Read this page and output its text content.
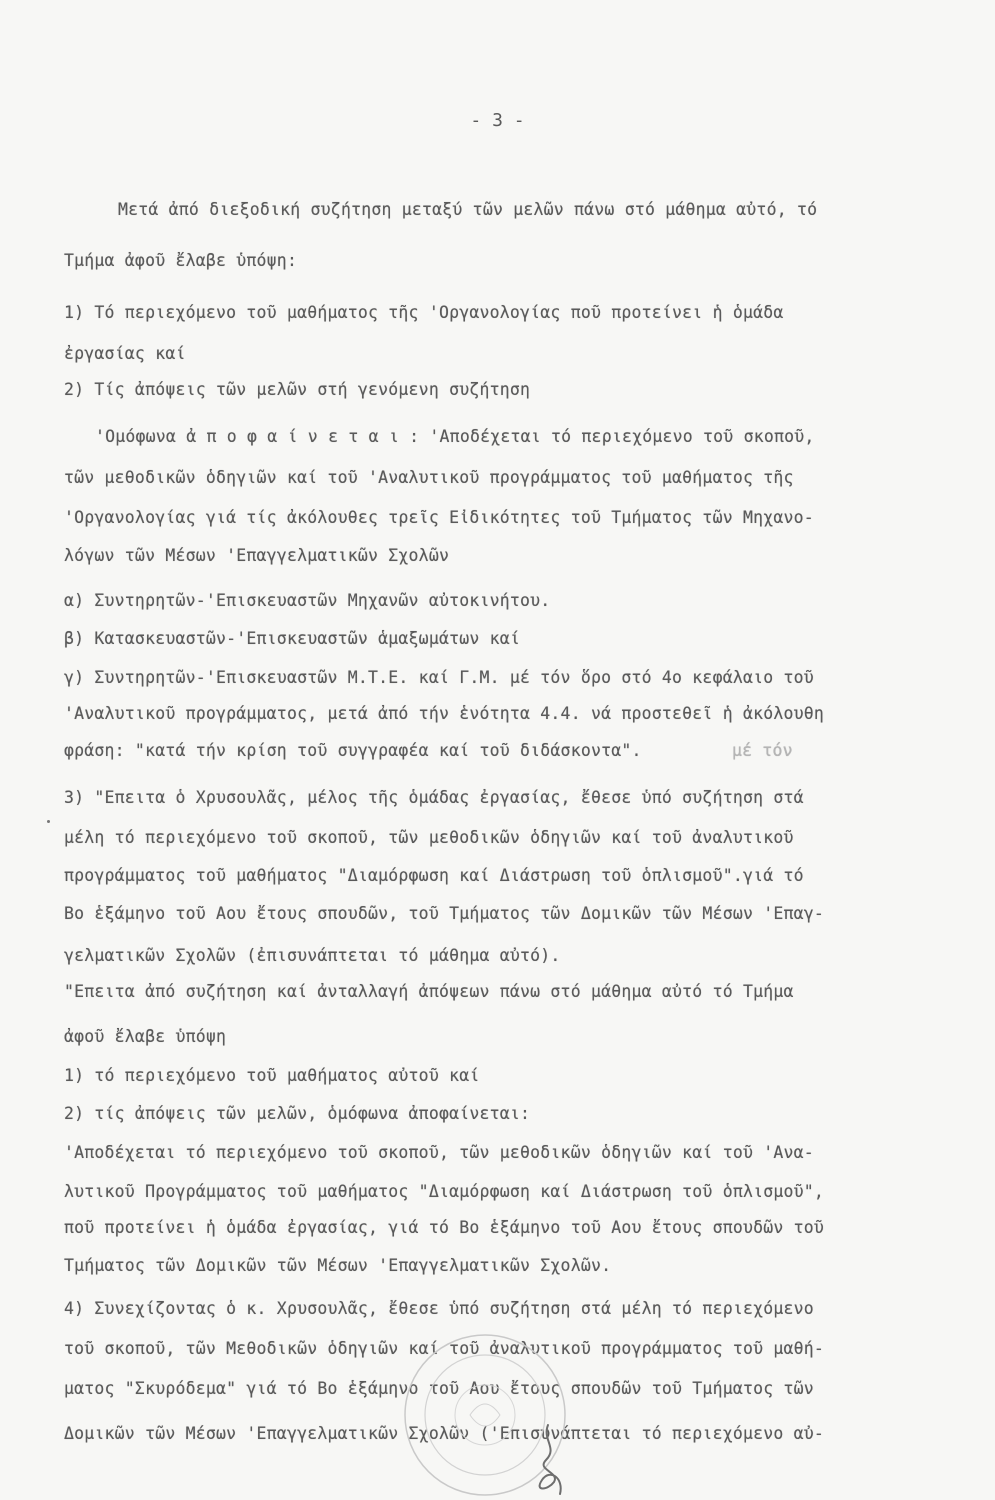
- 3 -
Μετά ἀπό διεξοδική συζήτηση μεταξύ τῶν μελῶν πάνω στό μάθημα αὐτό, τό
Τμήμα ἀφοῦ ἔλαβε ὑπόψη:
1) Τό περιεχόμενο τοῦ μαθήματος τῆς 'Οργανολογίας ποῦ προτείνει ἡ ὁμάδα
ἐργασίας καί
2) Τίς ἀπόψεις τῶν μελῶν στή γενόμενη συζήτηση
'Ομόφωνα ἀ π ο φ α ί ν ε τ α ι : 'Αποδέχεται τό περιεχόμενο τοῦ σκοποῦ,
τῶν μεθοδικῶν ὁδηγιῶν καί τοῦ 'Αναλυτικοῦ προγράμματος τοῦ μαθήματος τῆς
'Οργανολογίας γιά τίς ἀκόλουθες τρεῖς Εἰδικότητες τοῦ Τμήματος τῶν Μηχανο-
λόγων τῶν Μέσων 'Επαγγελματικῶν Σχολῶν
α) Συντηρητῶν-'Επισκευαστῶν Μηχανῶν αὐτοκινήτου.
β) Κατασκευαστῶν-'Επισκευαστῶν ἁμαξωμάτων καί
γ) Συντηρητῶν-'Επισκευαστῶν Μ.Τ.Ε. καί Γ.Μ. μέ τόν ὅρο στό 4ο κεφάλαιο τοῦ
'Αναλυτικοῦ προγράμματος, μετά ἀπό τήν ἑνότητα 4.4. νά προστεθεῖ ἡ ἀκόλουθη
φράση: "κατά τήν κρίση τοῦ συγγραφέα καί τοῦ διδάσκοντα".	μέ τόν
3) "Επειτα ὁ Χρυσουλᾶς, μέλος τῆς ὁμάδας ἐργασίας, ἔθεσε ὑπό συζήτηση στά
μέλη τό περιεχόμενο τοῦ σκοποῦ, τῶν μεθοδικῶν ὁδηγιῶν καί τοῦ ἀναλυτικοῦ
προγράμματος τοῦ μαθήματος "Διαμόρφωση καί Διάστρωση τοῦ ὁπλισμοῦ".γιά τό
Βο ἑξάμηνο τοῦ Αου ἔτους σπουδῶν, τοῦ Τμήματος τῶν Δομικῶν τῶν Μέσων 'Επαγ-
γελματικῶν Σχολῶν (ἐπισυνάπτεται τό μάθημα αὐτό).
"Επειτα ἀπό συζήτηση καί ἀνταλλαγή ἀπόψεων πάνω στό μάθημα αὐτό τό Τμήμα
ἀφοῦ ἔλαβε ὑπόψη
1) τό περιεχόμενο τοῦ μαθήματος αὐτοῦ καί
2) τίς ἀπόψεις τῶν μελῶν, ὁμόφωνα ἀποφαίνεται:
'Αποδέχεται τό περιεχόμενο τοῦ σκοποῦ, τῶν μεθοδικῶν ὁδηγιῶν καί τοῦ 'Ανα-
λυτικοῦ Προγράμματος τοῦ μαθήματος "Διαμόρφωση καί Διάστρωση τοῦ ὁπλισμοῦ",
ποῦ προτείνει ἡ ὁμάδα ἐργασίας, γιά τό Βο ἑξάμηνο τοῦ Αου ἔτους σπουδῶν τοῦ
Τμήματος τῶν Δομικῶν τῶν Μέσων 'Επαγγελματικῶν Σχολῶν.
4) Συνεχίζοντας ὁ κ. Χρυσουλᾶς, ἔθεσε ὑπό συζήτηση στά μέλη τό περιεχόμενο
τοῦ σκοποῦ, τῶν Μεθοδικῶν ὁδηγιῶν καί τοῦ ἀναλυτικοῦ προγράμματος τοῦ μαθή-
ματος "Σκυρόδεμα" γιά τό Βο ἑξάμηνο τοῦ Αου ἔτους σπουδῶν τοῦ Τμήματος τῶν
Δομικῶν τῶν Μέσων 'Επαγγελματικῶν Σχολῶν ('Επισυνάπτεται τό περιεχόμενο αὐ-
